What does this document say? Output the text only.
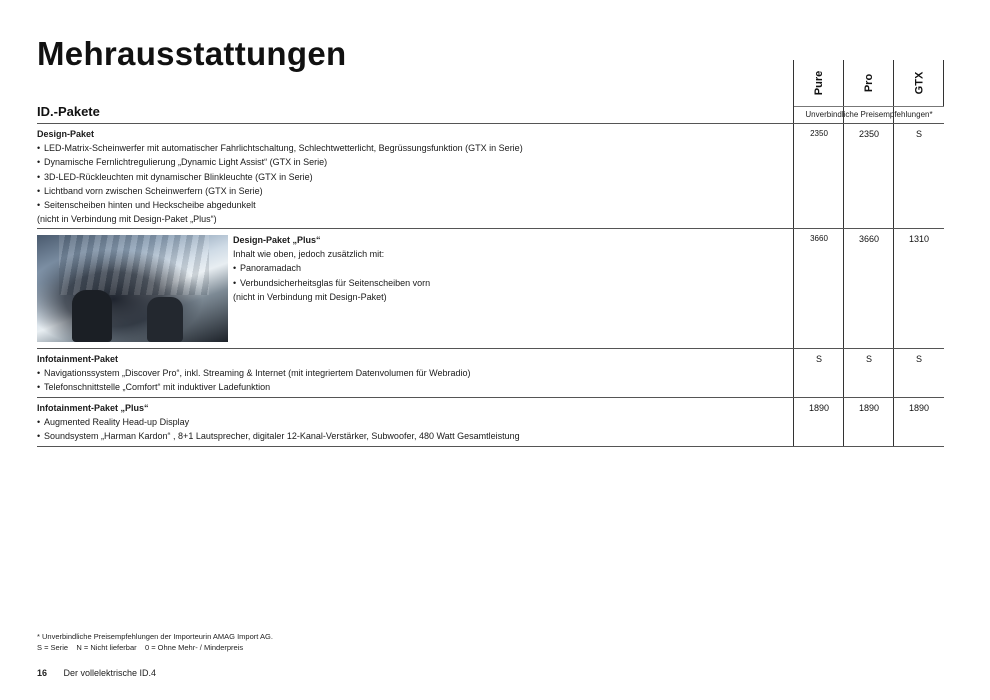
Mehrausstattungen
Pure	Pro	GTX
ID.-Pakete	Unverbindliche Preisempfehlungen*
Design-Paket
• LED-Matrix-Scheinwerfer mit automatischer Fahrlichtschaltung, Schlechtwetterlicht, Begrüssungsfunktion (GTX in Serie)
• Dynamische Fernlichtregulierung „Dynamic Light Assist“ (GTX in Serie)
• 3D-LED-Rückleuchten mit dynamischer Blinkleuchte (GTX in Serie)
• Lichtband vorn zwischen Scheinwerfern (GTX in Serie)
• Seitenscheiben hinten und Heckscheibe abgedunkelt
(nicht in Verbindung mit Design-Paket „Plus“)
2350	2350	S
Design-Paket „Plus“
Inhalt wie oben, jedoch zusätzlich mit:
• Panoramadach
• Verbundsicherheitsglas für Seitenscheiben vorn
(nicht in Verbindung mit Design-Paket)
3660	3660	1310
Infotainment-Paket
• Navigationssystem „Discover Pro“, inkl. Streaming & Internet (mit integriertem Datenvolumen für Webradio)
• Telefonschnittstelle „Comfort“ mit induktiver Ladefunktion
S	S	S
Infotainment-Paket „Plus“
• Augmented Reality Head-up Display
• Soundsystem „Harman Kardon“ , 8+1 Lautsprecher, digitaler 12-Kanal-Verstärker, Subwoofer, 480 Watt Gesamtleistung
1890	1890	1890
* Unverbindliche Preisempfehlungen der Importeurin AMAG Import AG.
S = Serie    N = Nicht lieferbar    0 = Ohne Mehr- / Minderpreis
16 Der vollelektrische ID.4
